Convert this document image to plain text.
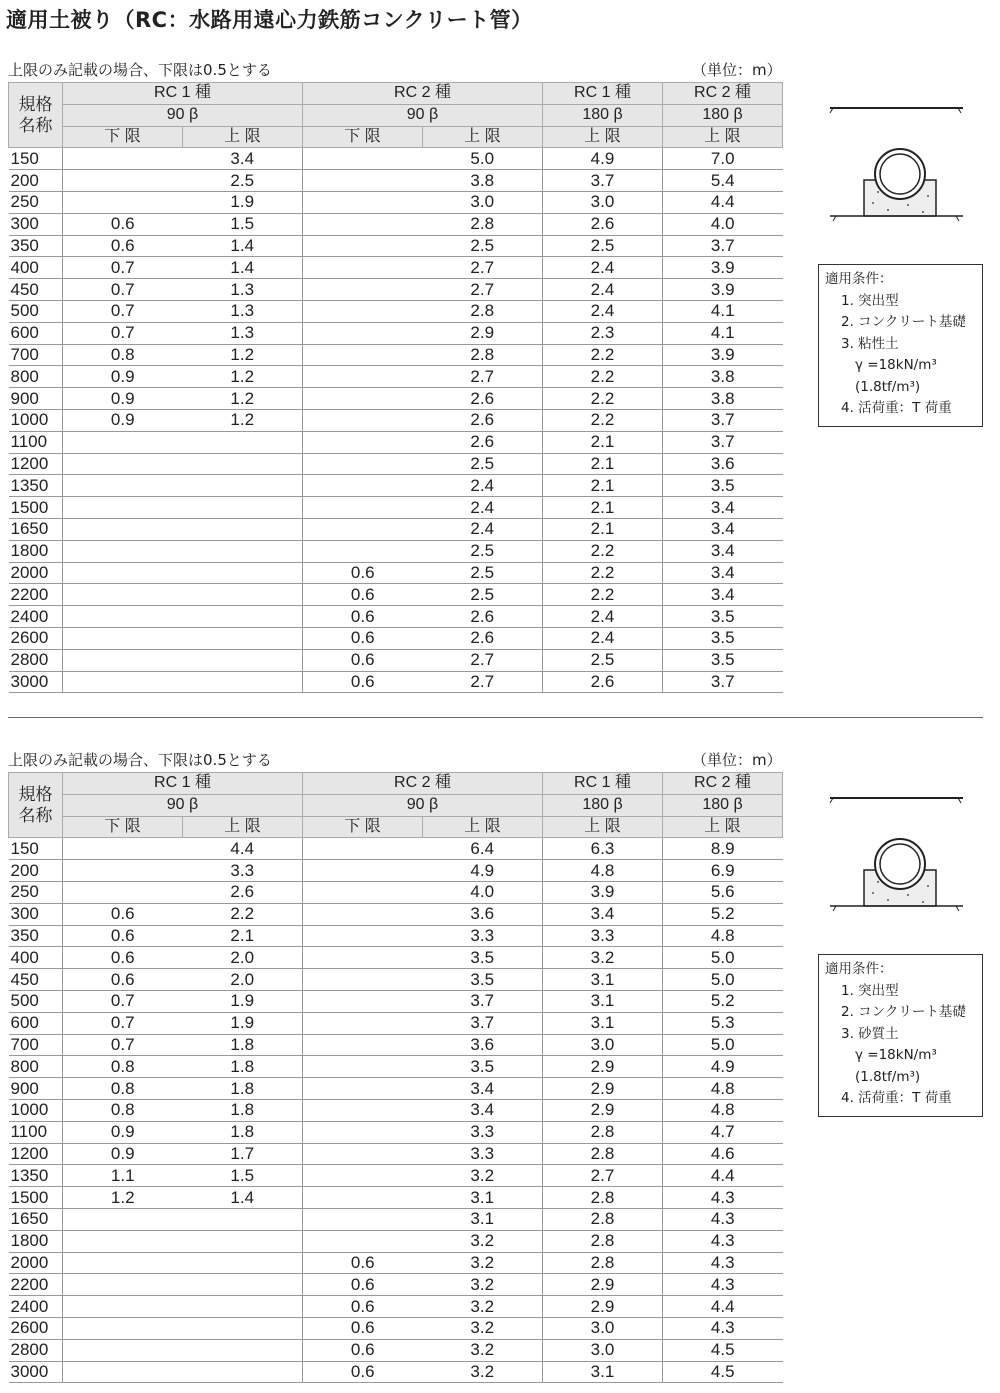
適用土被り（RC：水路用遠心力鉄筋コンクリート管）
上限のみ記載の場合、下限は0.5とする	（単位：m）
規格
名称	RC 1 種		RC 2 種		RC 1 種	RC 2 種
	90 β		90 β		180 β	180 β
	下 限	上 限	下 限	上 限	上 限	上 限
150		3.4		5.0	4.9	7.0
200		2.5		3.8	3.7	5.4
250		1.9		3.0	3.0	4.4
300	0.6	1.5		2.8	2.6	4.0
350	0.6	1.4		2.5	2.5	3.7
400	0.7	1.4		2.7	2.4	3.9
450	0.7	1.3		2.7	2.4	3.9
500	0.7	1.3		2.8	2.4	4.1
600	0.7	1.3		2.9	2.3	4.1
700	0.8	1.2		2.8	2.2	3.9
800	0.9	1.2		2.7	2.2	3.8
900	0.9	1.2		2.6	2.2	3.8
1000	0.9	1.2		2.6	2.2	3.7
1100				2.6	2.1	3.7
1200				2.5	2.1	3.6
1350				2.4	2.1	3.5
1500				2.4	2.1	3.4
1650				2.4	2.1	3.4
1800				2.5	2.2	3.4
2000			0.6	2.5	2.2	3.4
2200			0.6	2.5	2.2	3.4
2400			0.6	2.6	2.4	3.5
2600			0.6	2.6	2.4	3.5
2800			0.6	2.7	2.5	3.5
3000			0.6	2.7	2.6	3.7
適用条件：
1. 突出型
2. コンクリート基礎
3. 粘性土
γ =18kN/m³
(1.8tf/m³)
4. 活荷重：T 荷重
上限のみ記載の場合、下限は0.5とする	（単位：m）
規格
名称	RC 1 種		RC 2 種		RC 1 種	RC 2 種
	90 β		90 β		180 β	180 β
	下 限	上 限	下 限	上 限	上 限	上 限
150		4.4		6.4	6.3	8.9
200		3.3		4.9	4.8	6.9
250		2.6		4.0	3.9	5.6
300	0.6	2.2		3.6	3.4	5.2
350	0.6	2.1		3.3	3.3	4.8
400	0.6	2.0		3.5	3.2	5.0
450	0.6	2.0		3.5	3.1	5.0
500	0.7	1.9		3.7	3.1	5.2
600	0.7	1.9		3.7	3.1	5.3
700	0.7	1.8		3.6	3.0	5.0
800	0.8	1.8		3.5	2.9	4.9
900	0.8	1.8		3.4	2.9	4.8
1000	0.8	1.8		3.4	2.9	4.8
1100	0.9	1.8		3.3	2.8	4.7
1200	0.9	1.7		3.3	2.8	4.6
1350	1.1	1.5		3.2	2.7	4.4
1500	1.2	1.4		3.1	2.8	4.3
1650				3.1	2.8	4.3
1800				3.2	2.8	4.3
2000			0.6	3.2	2.8	4.3
2200			0.6	3.2	2.9	4.3
2400			0.6	3.2	2.9	4.4
2600			0.6	3.2	3.0	4.3
2800			0.6	3.2	3.0	4.5
3000			0.6	3.2	3.1	4.5
適用条件：
1. 突出型
2. コンクリート基礎
3. 砂質土
γ =18kN/m³
(1.8tf/m³)
4. 活荷重：T 荷重
